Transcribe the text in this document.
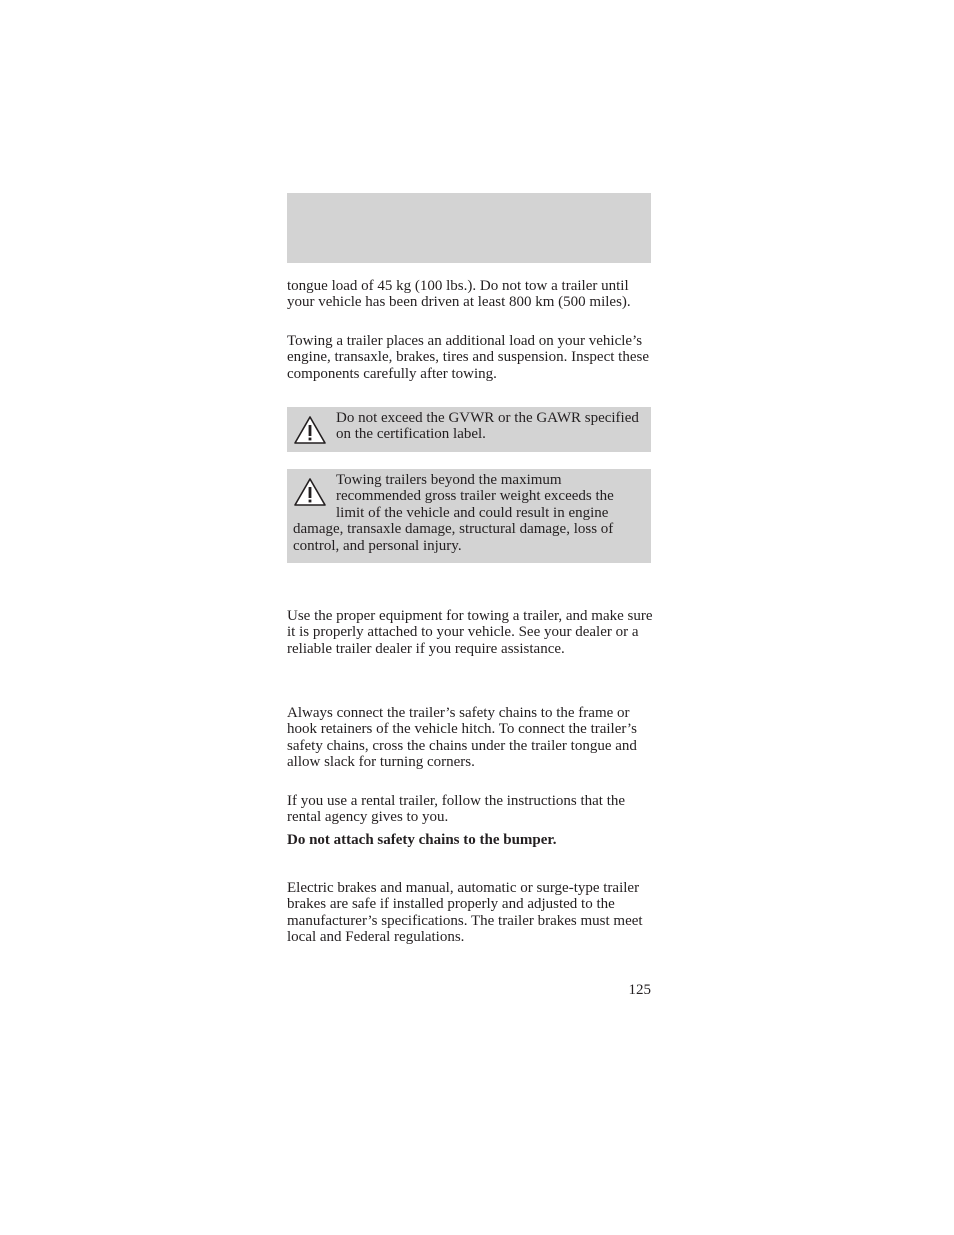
tongue load of 45 kg (100 lbs.). Do not tow a trailer until your vehicle has been driven at least 800 km (500 miles).

Towing a trailer places an additional load on your vehicle’s engine, transaxle, brakes, tires and suspension. Inspect these components carefully after towing.

Do not exceed the GVWR or the GAWR specified on the certification label.

Towing trailers beyond the maximum recommended gross trailer weight exceeds the limit of the vehicle and could result in engine damage, transaxle damage, structural damage, loss of control, and personal injury.

Use the proper equipment for towing a trailer, and make sure it is properly attached to your vehicle. See your dealer or a reliable trailer dealer if you require assistance.

Always connect the trailer’s safety chains to the frame or hook retainers of the vehicle hitch. To connect the trailer’s safety chains, cross the chains under the trailer tongue and allow slack for turning corners.

If you use a rental trailer, follow the instructions that the rental agency gives to you.

Do not attach safety chains to the bumper.

Electric brakes and manual, automatic or surge-type trailer brakes are safe if installed properly and adjusted to the manufacturer’s specifications. The trailer brakes must meet local and Federal regulations.

125
